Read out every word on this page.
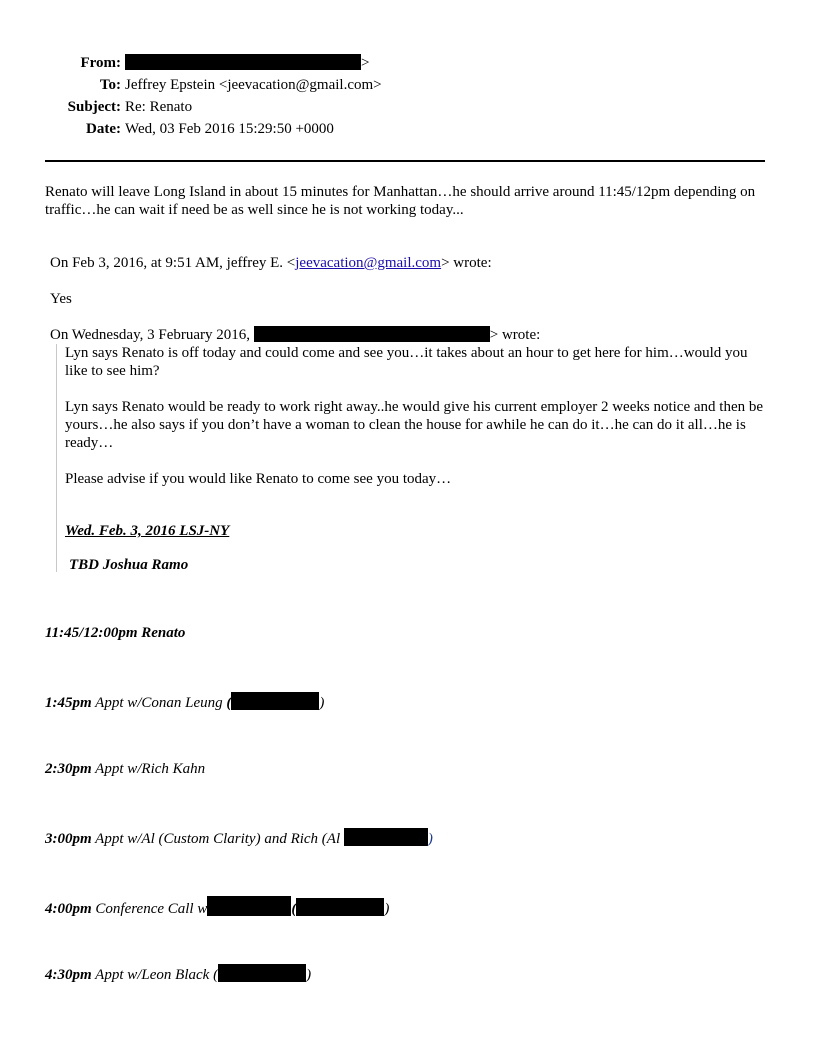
From:	>
To: Jeffrey Epstein <jeevacation@gmail.com>
Subject: Re: Renato
Date: Wed, 03 Feb 2016 15:29:50 +0000

Renato will leave Long Island in about 15 minutes for Manhattan…he should arrive around 11:45/12pm depending on traffic…he can wait if need be as well since he is not working today...

On Feb 3, 2016, at 9:51 AM, jeffrey E. <jeevacation@gmail.com> wrote:

Yes

On Wednesday, 3 February 2016,	> wrote:

Lyn says Renato is off today and could come and see you…it takes about an hour to get here for him…would you like to see him?

Lyn says Renato would be ready to work right away..he would give his current employer 2 weeks notice and then be yours…he also says if you don’t have a woman to clean the house for awhile he can do it…he can do it all…he is ready…

Please advise if you would like Renato to come see you today…

Wed. Feb. 3, 2016 LSJ-NY

TBD Joshua Ramo

11:45/12:00pm Renato
1:45pm Appt w/Conan Leung (	)
2:30pm Appt w/Rich Kahn
3:00pm Appt w/Al (Custom Clarity) and Rich (Al	)
4:00pm Conference Call w	(	)
4:30pm Appt w/Leon Black (	)
